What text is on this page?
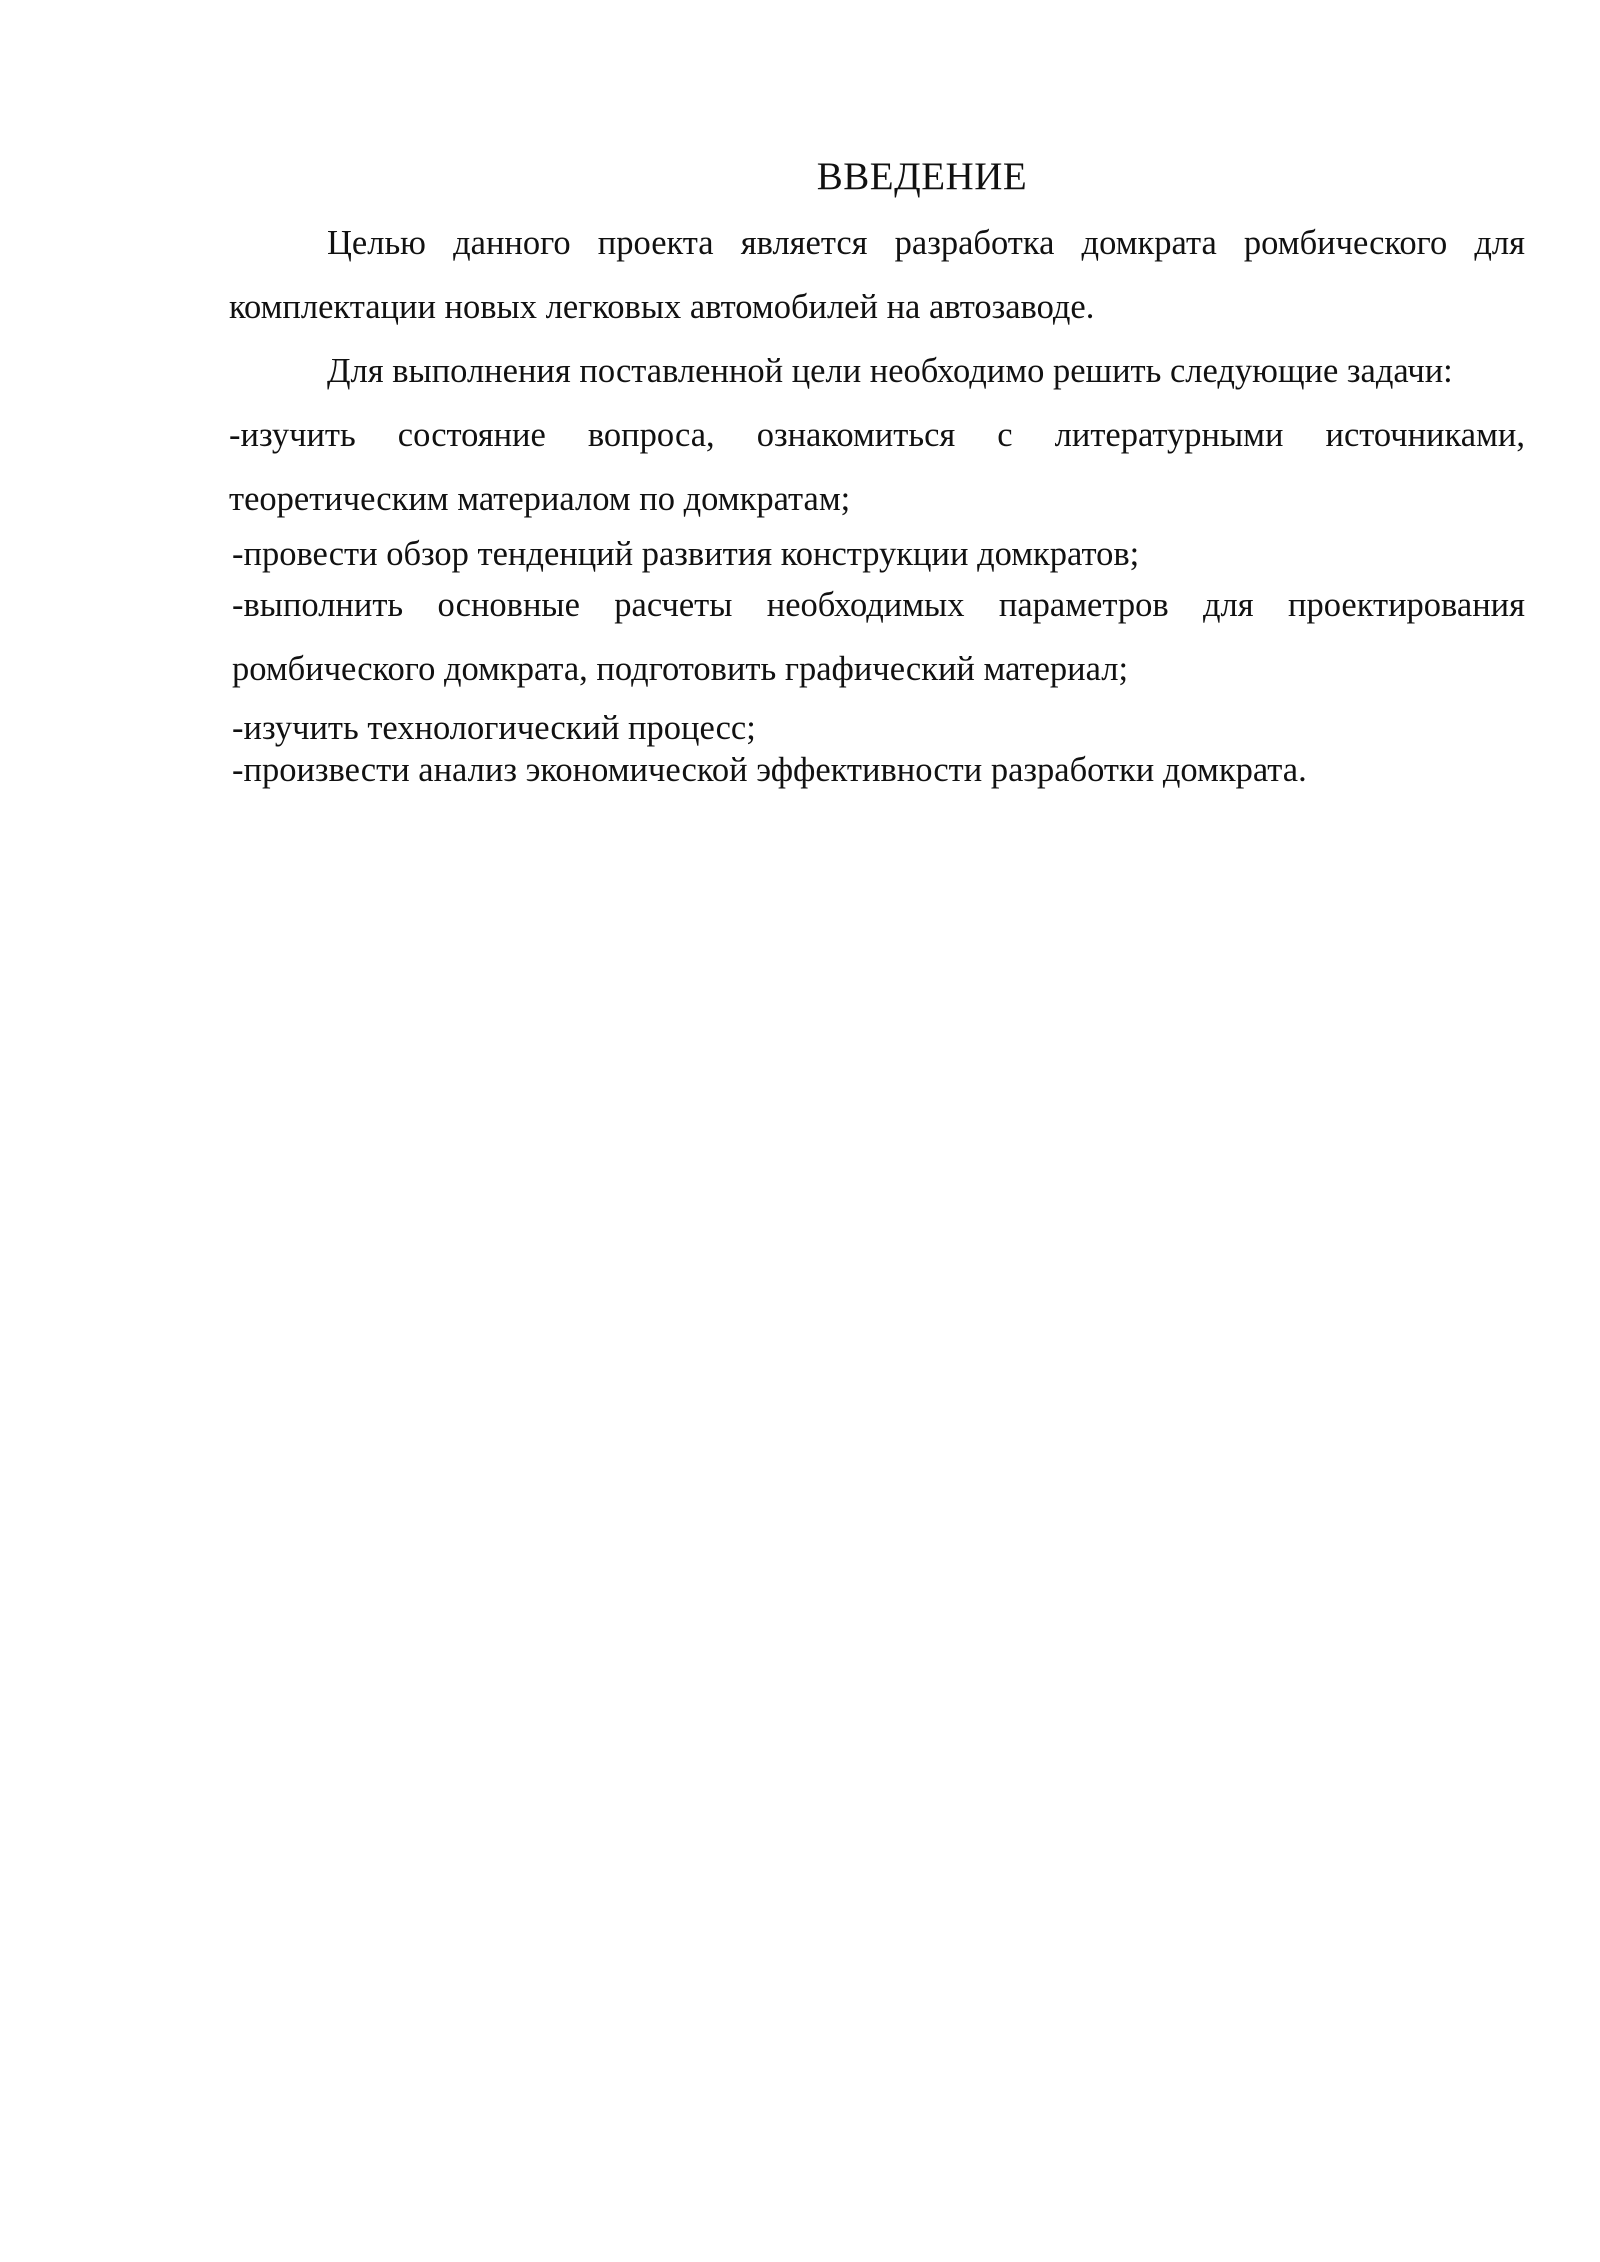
ВВЕДЕНИЕ

Целью данного проекта является разработка домкрата ромбического для комплектации новых легковых автомобилей на автозаводе.

Для выполнения поставленной цели необходимо решить следующие задачи:

-изучить состояние вопроса, ознакомиться с литературными источниками, теоретическим материалом по домкратам;

-провести обзор тенденций развития конструкции домкратов;

-выполнить основные расчеты необходимых параметров для проектирования ромбического домкрата, подготовить графический материал;

-изучить технологический процесс;

-произвести анализ экономической эффективности разработки домкрата.
